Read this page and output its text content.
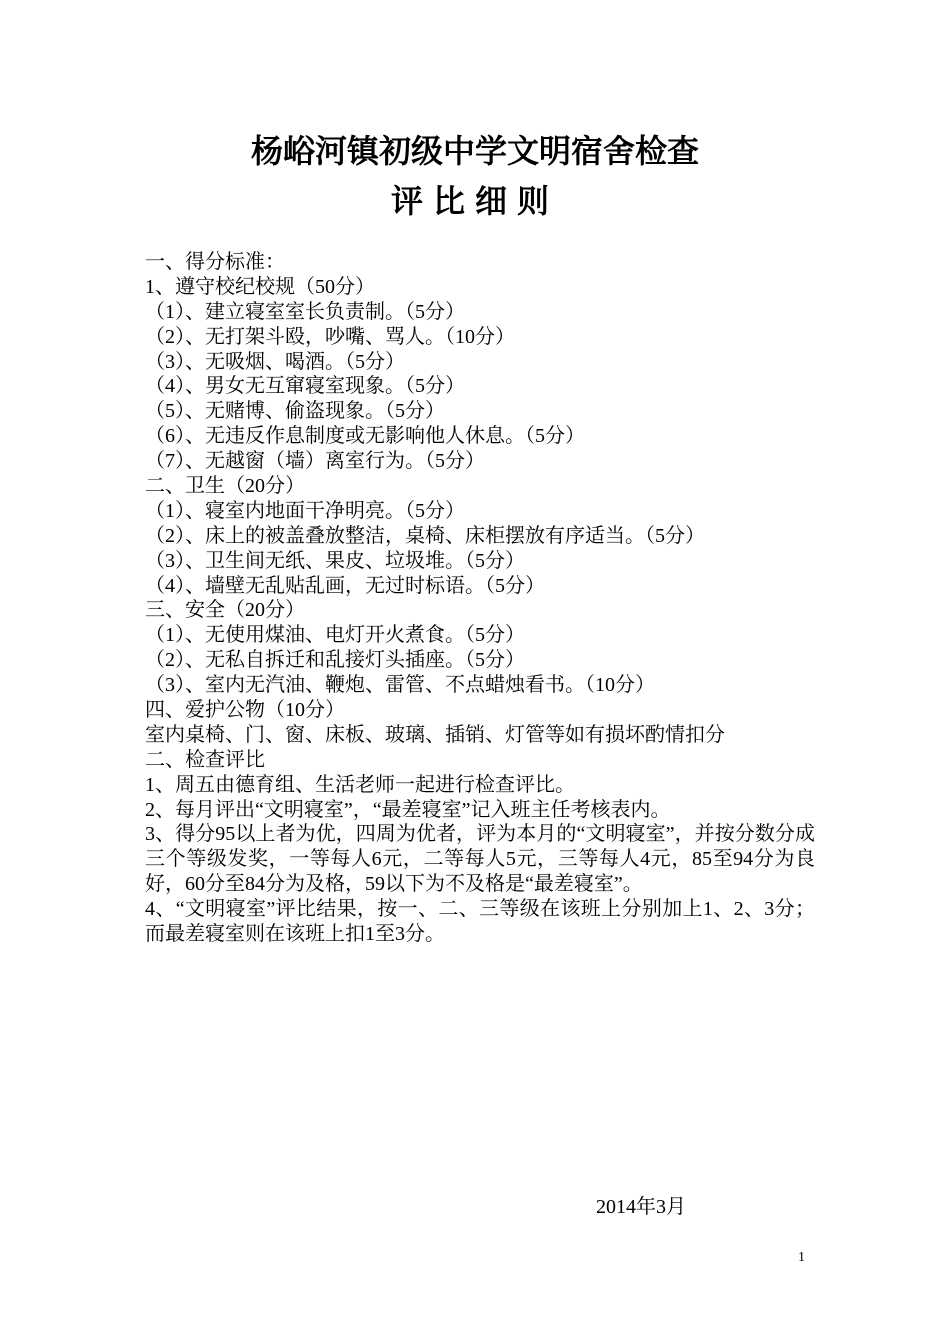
杨峪河镇初级中学文明宿舍检查
评比细则
一、得分标准：
1、遵守校纪校规（50分）
（1）、建立寝室室长负责制。（5分）
（2）、无打架斗殴，吵嘴、骂人。（10分）
（3）、无吸烟、喝酒。（5分）
（4）、男女无互窜寝室现象。（5分）
（5）、无赌博、偷盗现象。（5分）
（6）、无违反作息制度或无影响他人休息。（5分）
（7）、无越窗（墙）离室行为。（5分）
二、卫生（20分）
（1）、寝室内地面干净明亮。（5分）
（2）、床上的被盖叠放整洁，桌椅、床柜摆放有序适当。（5分）
（3）、卫生间无纸、果皮、垃圾堆。（5分）
（4）、墙壁无乱贴乱画，无过时标语。（5分）
三、安全（20分）
（1）、无使用煤油、电灯开火煮食。（5分）
（2）、无私自拆迁和乱接灯头插座。（5分）
（3）、室内无汽油、鞭炮、雷管、不点蜡烛看书。（10分）
四、爱护公物（10分）
室内桌椅、门、窗、床板、玻璃、插销、灯管等如有损坏酌情扣分
二、检查评比
1、周五由德育组、生活老师一起进行检查评比。
2、每月评出“文明寝室”，“最差寝室”记入班主任考核表内。
3、得分95以上者为优，四周为优者，评为本月的“文明寝室”，并按分数分成三个等级发奖，一等每人6元，二等每人5元，三等每人4元，85至94分为良好，60分至84分为及格，59以下为不及格是“最差寝室”。
4、“文明寝室”评比结果，按一、二、三等级在该班上分别加上1、2、3分；而最差寝室则在该班上扣1至3分。
2014年3月
1
